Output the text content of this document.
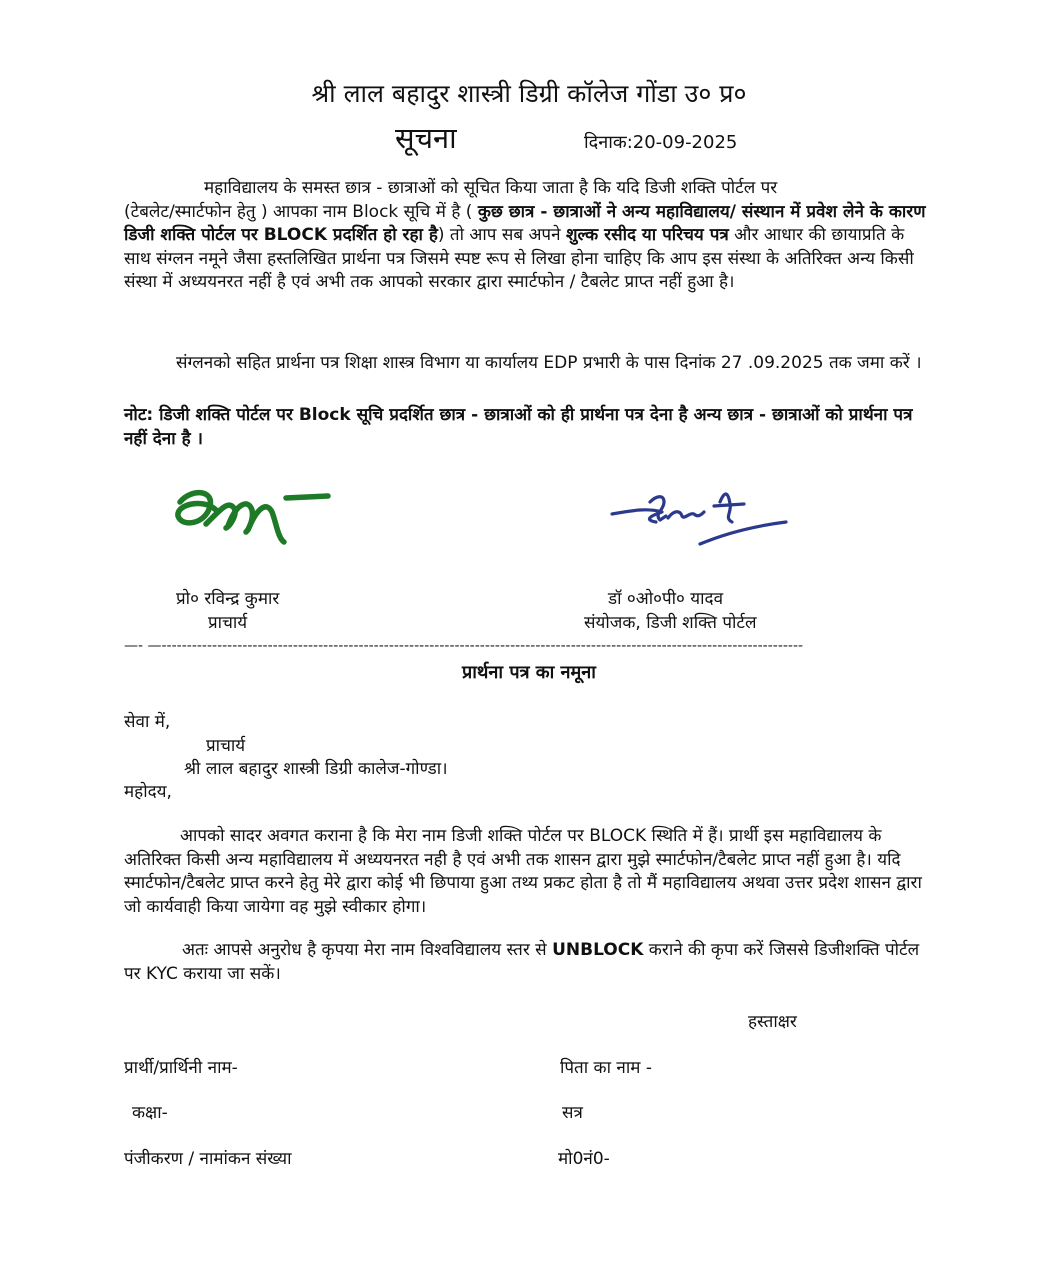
श्री लाल बहादुर शास्त्री डिग्री कॉलेज गोंडा उ० प्र०
सूचना	दिनाक:20-09-2025
महाविद्यालय के समस्त छात्र - छात्राओं को सूचित किया जाता है कि यदि डिजी शक्ति पोर्टल पर
(टेबलेट/स्मार्टफोन हेतु ) आपका नाम Block सूचि में है ( कुछ छात्र - छात्राओं ने अन्य महाविद्यालय/ संस्थान में प्रवेश लेने के कारण डिजी शक्ति पोर्टल पर BLOCK प्रदर्शित हो रहा है) तो आप सब अपने शुल्क रसीद या परिचय पत्र और आधार की छायाप्रति के साथ संग्लन नमूने जैसा हस्तलिखित प्रार्थना पत्र जिसमे स्पष्ट रूप से लिखा होना चाहिए कि आप इस संस्था के अतिरिक्त अन्य किसी संस्था में अध्ययनरत नहीं है एवं अभी तक आपको सरकार द्वारा स्मार्टफोन / टैबलेट प्राप्त नहीं हुआ है।
संग्लनको सहित प्रार्थना पत्र शिक्षा शास्त्र विभाग या कार्यालय EDP प्रभारी के पास दिनांक 27 .09.2025 तक जमा करें ।
नोट: डिजी शक्ति पोर्टल पर Block सूचि प्रदर्शित छात्र - छात्राओं को ही प्रार्थना पत्र देना है अन्य छात्र - छात्राओं को प्रार्थना पत्र नहीं देना है ।
प्रो० रविन्द्र कुमार
प्राचार्य
डॉ ०ओ०पी० यादव
संयोजक, डिजी शक्ति पोर्टल
—- —-------------------------------------------------------------------------------------------------------------------------------
प्रार्थना पत्र का नमूना
सेवा में,
प्राचार्य
श्री लाल बहादुर शास्त्री डिग्री कालेज-गोण्डा।
महोदय,
आपको सादर अवगत कराना है कि मेरा नाम डिजी शक्ति पोर्टल पर BLOCK स्थिति में हैं। प्रार्थी इस महाविद्यालय के अतिरिक्त किसी अन्य महाविद्यालय में अध्ययनरत नही है एवं अभी तक शासन द्वारा मुझे स्मार्टफोन/टैबलेट प्राप्त नहीं हुआ है। यदि स्मार्टफोन/टैबलेट प्राप्त करने हेतु मेरे द्वारा कोई भी छिपाया हुआ तथ्य प्रकट होता है तो मैं महाविद्यालय अथवा उत्तर प्रदेश शासन द्वारा जो कार्यवाही किया जायेगा वह मुझे स्वीकार होगा।
अतः आपसे अनुरोध है कृपया मेरा नाम विश्वविद्यालय स्तर से UNBLOCK कराने की कृपा करें जिससे डिजीशक्ति पोर्टल पर KYC कराया जा सकें।
हस्ताक्षर
प्रार्थी/प्रार्थिनी नाम-	पिता का नाम -
कक्षा-	सत्र
पंजीकरण / नामांकन संख्या	मो0नं0-
